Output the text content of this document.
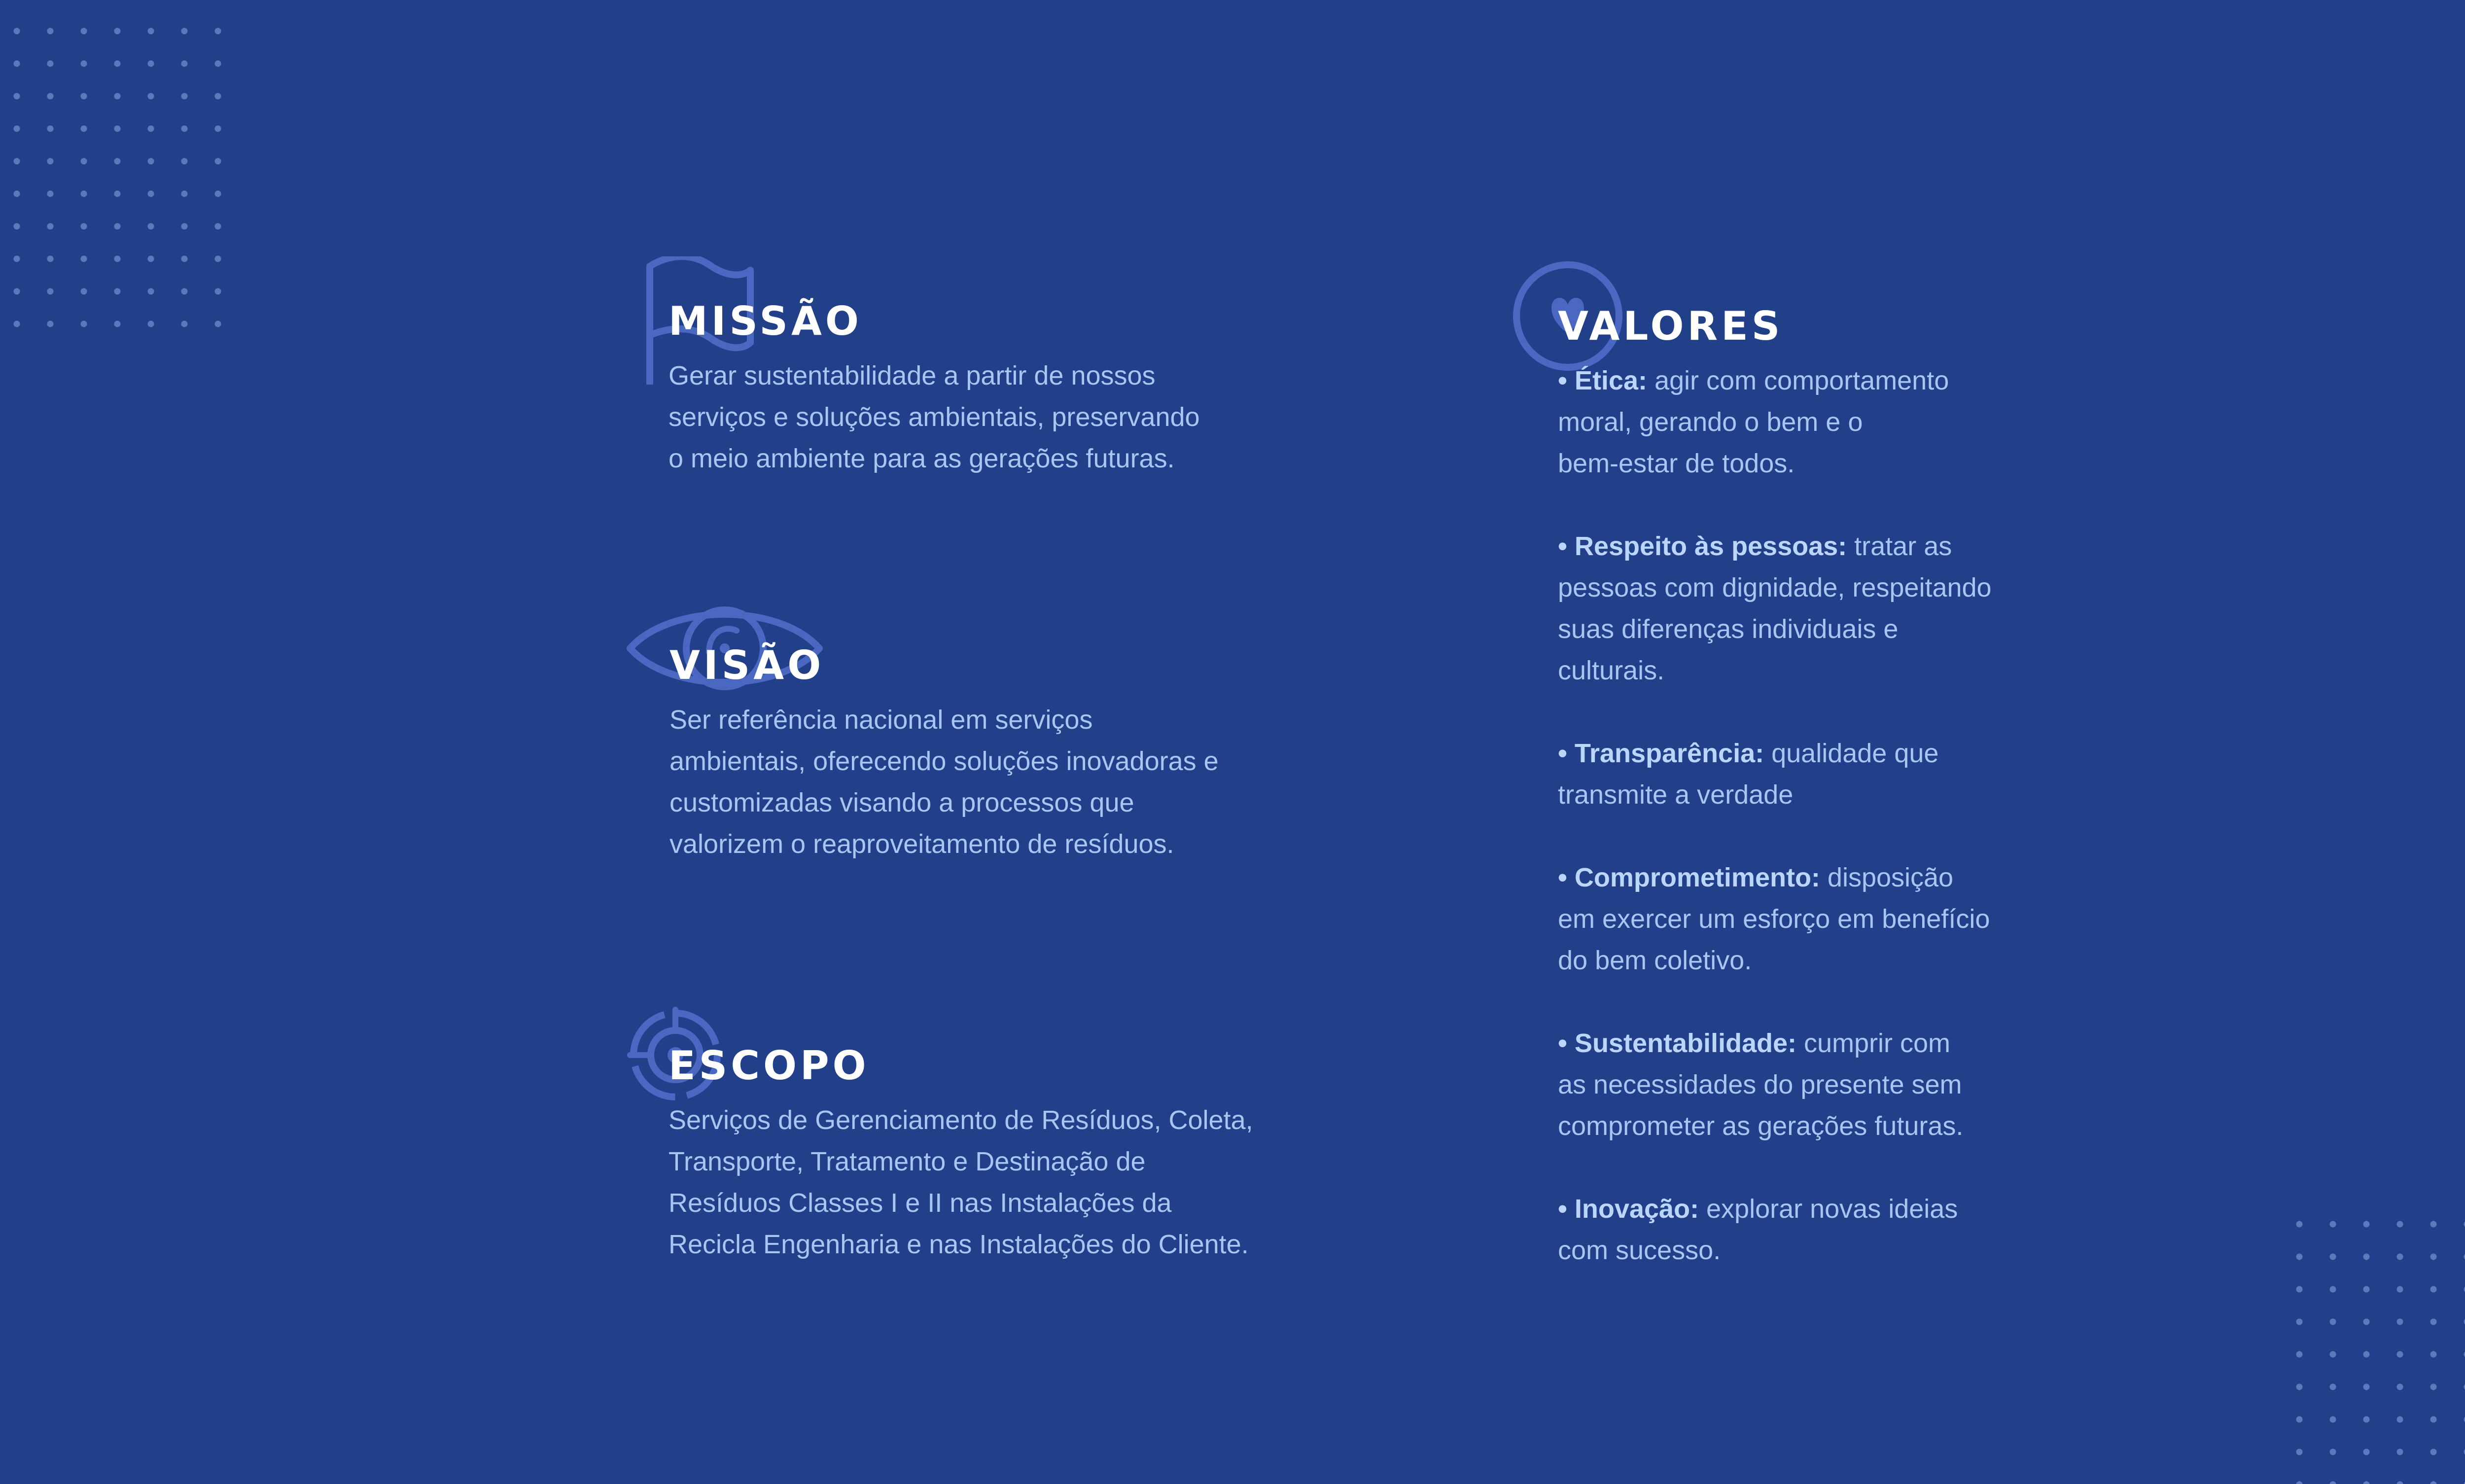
MISSÃO
Gerar sustentabilidade a partir de nossos
serviços e soluções ambientais, preservando
o meio ambiente para as gerações futuras.
VISÃO
Ser referência nacional em serviços
ambientais, oferecendo soluções inovadoras e
customizadas visando a processos que
valorizem o reaproveitamento de resíduos.
ESCOPO
Serviços de Gerenciamento de Resíduos, Coleta,
Transporte, Tratamento e Destinação de
Resíduos Classes I e II nas Instalações da
Recicla Engenharia e nas Instalações do Cliente.
VALORES
• Ética: agir com comportamento
moral, gerando o bem e o
bem-estar de todos.
• Respeito às pessoas: tratar as
pessoas com dignidade, respeitando
suas diferenças individuais e
culturais.
• Transparência: qualidade que
transmite a verdade
• Comprometimento: disposição
em exercer um esforço em benefício
do bem coletivo.
• Sustentabilidade: cumprir com
as necessidades do presente sem
comprometer as gerações futuras.
• Inovação: explorar novas ideias
com sucesso.
